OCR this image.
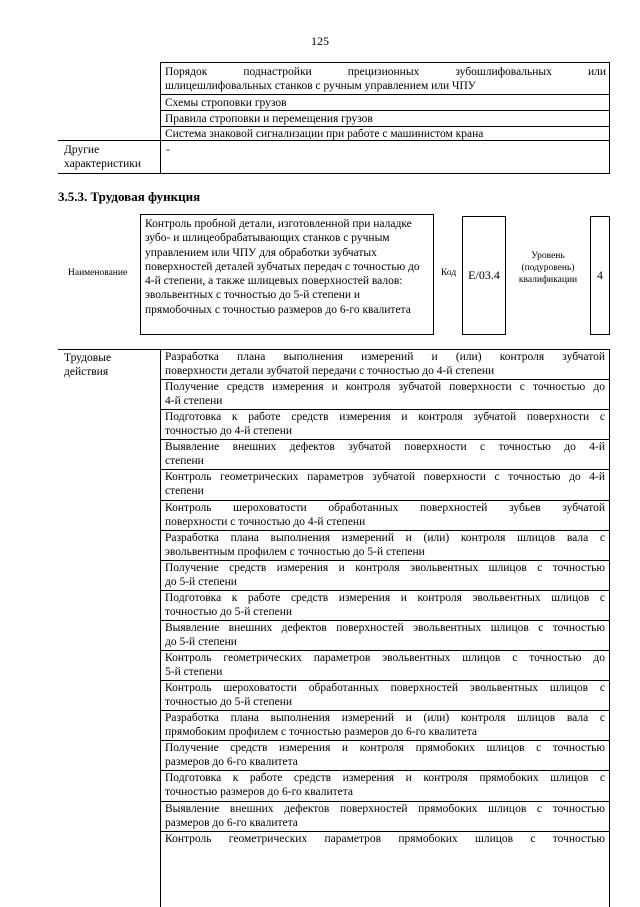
125
Порядок поднастройки прецизионных зубошлифовальных или
шлицешлифовальных станков с ручным управлением или ЧПУ
Схемы строповки грузов
Правила строповки и перемещения грузов
Система знаковой сигнализации при работе с машинистом крана
Другие
характеристики
-
3.5.3. Трудовая функция
Наименование
Контроль пробной детали, изготовленной при наладке зубо- и шлицеобрабатывающих станков с ручным управлением или ЧПУ для обработки зубчатых поверхностей деталей зубчатых передач с точностью до 4-й степени, а также шлицевых поверхностей валов: эвольвентных с точностью до 5-й степени и прямобочных с точностью размеров до 6-го квалитета
Код E/03.4
Уровень
(подуровень)
квалификации	4
Трудовые
действия
Разработка плана выполнения измерений и (или) контроля зубчатой
поверхности детали зубчатой передачи с точностью до 4-й степени
Получение средств измерения и контроля зубчатой поверхности с точностью до
4-й степени
Подготовка к работе средств измерения и контроля зубчатой поверхности с
точностью до 4-й степени
Выявление внешних дефектов зубчатой поверхности с точностью до 4-й
степени
Контроль геометрических параметров зубчатой поверхности с точностью до 4-й
степени
Контроль шероховатости обработанных поверхностей зубьев зубчатой
поверхности с точностью до 4-й степени
Разработка плана выполнения измерений и (или) контроля шлицов вала с
эвольвентным профилем с точностью до 5-й степени
Получение средств измерения и контроля эвольвентных шлицов с точностью
до 5-й степени
Подготовка к работе средств измерения и контроля эвольвентных шлицов с
точностью до 5-й степени
Выявление внешних дефектов поверхностей эвольвентных шлицов с точностью
до 5-й степени
Контроль геометрических параметров эвольвентных шлицов с точностью до
5-й степени
Контроль шероховатости обработанных поверхностей эвольвентных шлицов с
точностью до 5-й степени
Разработка плана выполнения измерений и (или) контроля шлицов вала с
прямобоким профилем с точностью размеров до 6-го квалитета
Получение средств измерения и контроля прямобоких шлицов с точностью
размеров до 6-го квалитета
Подготовка к работе средств измерения и контроля прямобоких шлицов с
точностью размеров до 6-го квалитета
Выявление внешних дефектов поверхностей прямобоких шлицов с точностью
размеров до 6-го квалитета
Контроль геометрических параметров прямобоких шлицов с точностью
